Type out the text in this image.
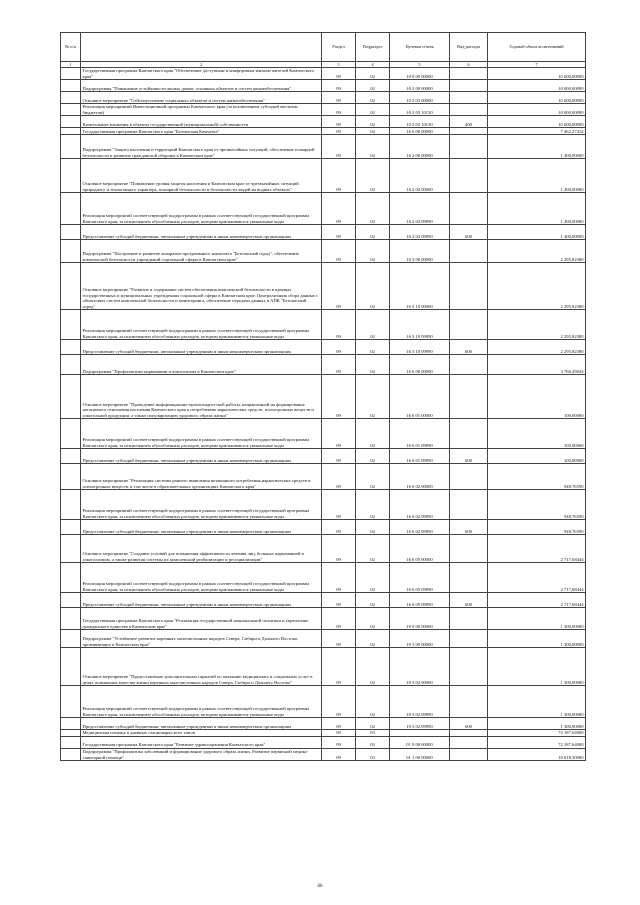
№ п/п		Раздел	Подраздел	Целевая статья	Вид расхода	Годовой объем ассигнований
1	2	3	4	5	6	7
	Государственная программа Камчатского края "Обеспечение доступным и комфортным жильем жителей Камчатского края"	09	02	10 0 00 00000		10 000,00000
	Подпрограмма "Повышение устойчивости жилых домов, основных объектов и систем жизнеобеспечения"	09	02	10 2 00 00000		10 000,00000
	Основное мероприятие "Сейсмоусиление социальных объектов и систем жизнеобеспечения"	09	02	10 2 03 00000		10 000,00000
	Реализация мероприятий Инвестиционной программы Камчатского края (за исключением субсидий местным бюджетам)	09	02	10 2 03 10130		10 000,00000
	Капитальные вложения в объекты государственной (муниципальной) собственности	09	02	10 2 03 10130	400	10 000,00000
	Государственная программа Камчатского края "Безопасная Камчатка"	09	02	16 0 00 00000		7 462,27414
	Подпрограмма "Защита населения и территорий Камчатского края от чрезвычайных ситуаций, обеспечение пожарной безопасности и развитие гражданской обороны в Камчатском крае"	09	02	16 2 00 00000		1 400,00000
	Основное мероприятие "Повышение уровня защиты населения и Камчатском крае от чрезвычайных ситуаций природного и техногенного характера, пожарной безопасности и безопасности людей на водных объектах"	09	02	16 2 04 00000		1 400,00000
	Реализация мероприятий соответствующей подпрограммы в рамках соответствующей государственной программы Камчатского края, за исключением обособленных расходов, которым присваиваются уникальные коды	09	02	16 2 04 09990		1 400,00000
	Предоставление субсидий бюджетным, автономным учреждениям и иным некоммерческим организациям	09	02	16 2 04 09990	600	1 400,00000
	Подпрограмма "Построение и развитие аппаратно-программного комплекса "Безопасный город", обеспечение комплексной безопасности учреждений социальной сферы в Камчатском крае"	09	02	16 3 00 00000		2 295,82380
	Основное мероприятие "Развитие и содержание систем обеспечения комплексной безопасности в краевых государственных и муниципальных учреждениях социальной сферы в Камчатском крае. Централизация сбора данных с объектовых систем комплексной безопасности и мониторинга, обеспечение передачи данных в АПК "Безопасный город"	09	02	16 3 10 00000		2 295,82380
	Реализация мероприятий соответствующей подпрограммы в рамках соответствующей государственной программы Камчатского края, за исключением обособленных расходов, которым присваиваются уникальные коды	09	02	16 3 10 09990		2 295,82380
	Предоставление субсидий бюджетным, автономным учреждениям и иным некоммерческим организациям	09	02	16 3 10 09990	600	2 295,82380
	Подпрограмма "Профилактика наркомании и алкоголизма в Камчатском крае"	09	02	16 6 00 00000		3 766,45034
	Основное мероприятие "Проведение информационно-пропагандистской работы, направленной на формирование негативного отношения населения Камчатского края к потреблению наркотических средств, психотропных веществ и алкогольной продукции, а также популяризацию здорового образа жизни"	09	02	16 6 01 00000		100,00000
	Реализация мероприятий соответствующей подпрограммы в рамках соответствующей государственной программы Камчатского края, за исключением обособленных расходов, которым присваиваются уникальные коды	09	02	16 6 01 09990		100,00000
	Предоставление субсидий бюджетным, автономным учреждениям и иным некоммерческим организациям	09	02	16 6 01 09990	600	100,00000
	Основное мероприятие "Реализация системы раннего выявления незаконного потребления наркотических средств и психотропных веществ, в том числе в образовательных организациях Камчатского края"	09	02	16 6 02 00000		948,76590
	Реализация мероприятий соответствующей подпрограммы в рамках соответствующей государственной программы Камчатского края, за исключением обособленных расходов, которым присваиваются уникальные коды	09	02	16 6 02 09990		948,76590
	Предоставление субсидий бюджетным, автономным учреждениям и иным некоммерческим организациям	09	02	16 6 02 09990	600	948,76590
	Основное мероприятие "Создание условий для повышения эффективности лечения лиц, больных наркоманией и алкоголизмом, а также развития системы их комплексной реабилитации и ресоциализации"	09	02	16 6 05 00000		2 717,68444
	Реализация мероприятий соответствующей подпрограммы в рамках соответствующей государственной программы Камчатского края, за исключением обособленных расходов, которым присваиваются уникальные коды	09	02	16 6 05 09990		2 717,68444
	Предоставление субсидий бюджетным, автономным учреждениям и иным некоммерческим организациям	09	02	16 6 05 09990	600	2 717,68444
	Государственная программа Камчатского края "Реализация государственной национальной политики и укрепление гражданского единства в Камчатском крае"	09	02	19 0 00 00000		1 300,00000
	Подпрограмма "Устойчивое развитие коренных малочисленных народов Севера, Сибири и Дальнего Востока, проживающих в Камчатском крае"	09	02	19 3 00 00000		1 300,00000
	Основное мероприятие "Предоставление дополнительных гарантий по оказанию медицинских и социальных услуг в целях повышения качества жизни коренных малочисленных народов Севера, Сибири и Дальнего Востока"	09	02	19 3 02 00000		1 300,00000
	Реализация мероприятий соответствующей подпрограммы в рамках соответствующей государственной программы Камчатского края, за исключением обособленных расходов, которым присваиваются уникальные коды	09	02	19 3 02 09990		1 300,00000
	Предоставление субсидий бюджетным, автономным учреждениям и иным некоммерческим организациям	09	02	19 3 02 09990	600	1 300,00000
	Медицинская помощь в дневных стационарах всех типов	09	03			72 187,64000
	Государственная программа Камчатского края "Развитие здравоохранения Камчатского края"	09	03	01 0 00 00000		72 187,64000
	Подпрограмма "Профилактика заболеваний и формирование здорового образа жизни. Развитие первичной медико-санитарной помощи"	09	03	01 1 00 00000		10 018,30000
66
